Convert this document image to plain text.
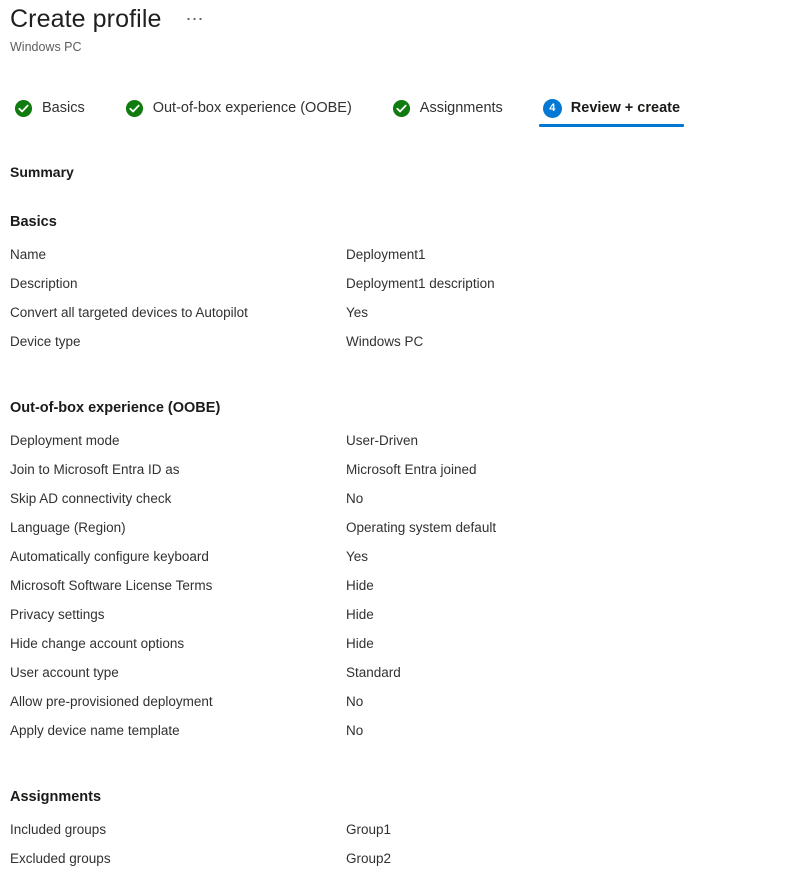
Create profile	⋯
Windows PC
Basics	Out-of-box experience (OOBE)	Assignments	4	Review + create
Summary
Basics
Name	Deployment1
Description	Deployment1 description
Convert all targeted devices to Autopilot	Yes
Device type	Windows PC
Out-of-box experience (OOBE)
Deployment mode	User-Driven
Join to Microsoft Entra ID as	Microsoft Entra joined
Skip AD connectivity check	No
Language (Region)	Operating system default
Automatically configure keyboard	Yes
Microsoft Software License Terms	Hide
Privacy settings	Hide
Hide change account options	Hide
User account type	Standard
Allow pre-provisioned deployment	No
Apply device name template	No
Assignments
Included groups	Group1
Excluded groups	Group2
